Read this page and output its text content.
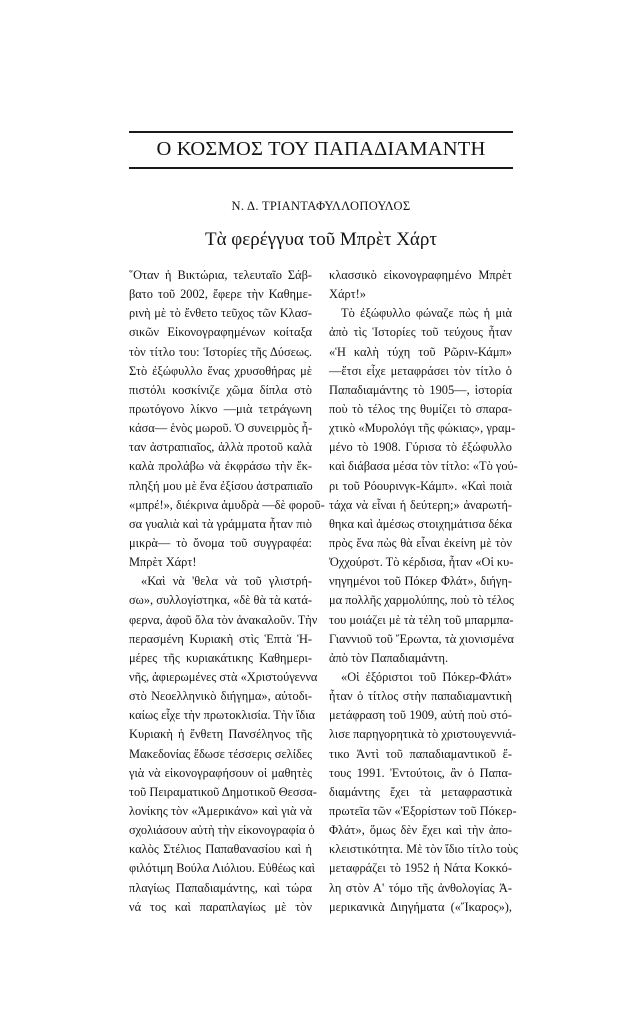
Ο ΚΟΣΜΟΣ ΤΟΥ ΠΑΠΑΔΙΑΜΑΝΤΗ
Ν. Δ. ΤΡΙΑΝΤΑΦΥΛΛΟΠΟΥΛΟΣ
Τὰ φερέγγυα τοῦ Μπρὲτ Χάρτ
῞Οταν ἡ Βικτώρια, τελευταῖο Σάβ-
βατο τοῦ 2002, ἔφερε τὴν Καθημε-
ρινὴ μὲ τὸ ἔνθετο τεῦχος τῶν Κλασ-
σικῶν Εἰκονογραφημένων κοίταξα
τὸν τίτλο του: Ἱστορίες τῆς Δύσεως.
Στὸ ἐξώφυλλο ἕνας χρυσοθήρας μὲ
πιστόλι κοσκίνιζε χῶμα δίπλα στὸ
πρωτόγονο λίκνο —μιὰ τετράγωνη
κάσα— ἑνὸς μωροῦ. Ὁ συνειρμὸς ἦ-
ταν ἀστραπιαῖος, ἀλλὰ προτοῦ καλὰ
καλὰ προλάβω νὰ ἐκφράσω τὴν ἔκ-
πληξή μου μὲ ἕνα ἐξίσου ἀστραπιαῖο
«μπρέ!», διέκρινα ἀμυδρὰ —δὲ φοροῦ-
σα γυαλιὰ καὶ τὰ γράμματα ἦταν πιὸ
μικρὰ— τὸ ὄνομα τοῦ συγγραφέα:
Μπρὲτ Χάρτ!
«Καὶ νὰ 'θελα νὰ τοῦ γλιστρή-
σω», συλλογίστηκα, «δὲ θὰ τὰ κατά-
φερνα, ἀφοῦ ὅλα τὸν ἀνακαλοῦν. Τὴν
περασμένη Κυριακὴ στὶς Ἑπτὰ Ἡ-
μέρες τῆς κυριακάτικης Καθημερι-
νῆς, ἀφιερωμένες στὰ «Χριστούγεννα
στὸ Νεοελληνικὸ διήγημα», αὐτοδι-
καίως εἶχε τὴν πρωτοκλισία. Τὴν ἴδια
Κυριακὴ ἡ ἔνθετη Πανσέληνος τῆς
Μακεδονίας ἔδωσε τέσσερις σελίδες
γιὰ νὰ εἰκονογραφήσουν οἱ μαθητὲς
τοῦ Πειραματικοῦ Δημοτικοῦ Θεσσα-
λονίκης τὸν «Ἀμερικάνο» καὶ γιὰ νὰ
σχολιάσουν αὐτὴ τὴν εἰκονογραφία ὁ
καλὸς Στέλιος Παπαθανασίου καὶ ἡ
φιλότιμη Βούλα Λιόλιου. Εὐθέως καὶ
πλαγίως Παπαδιαμάντης, καὶ τώρα
νά τος καὶ παραπλαγίως μὲ τὸν
κλασσικὸ εἰκονογραφημένο Μπρὲτ
Χάρτ!»
Τὸ ἐξώφυλλο φώναζε πὼς ἡ μιὰ
ἀπὸ τὶς Ἱστορίες τοῦ τεύχους ἦταν
«Ἡ καλὴ τύχη τοῦ Ρῶριν-Κάμπ»
—ἔτσι εἶχε μεταφράσει τὸν τίτλο ὁ
Παπαδιαμάντης τὸ 1905—, ἱστορία
ποὺ τὸ τέλος της θυμίζει τὸ σπαρα-
χτικὸ «Μυρολόγι τῆς φώκιας», γραμ-
μένο τὸ 1908. Γύρισα τὸ ἐξώφυλλο
καὶ διάβασα μέσα τὸν τίτλο: «Τὸ γού-
ρι τοῦ Ρόουρινγκ-Κάμπ». «Καὶ ποιὰ
τάχα νὰ εἶναι ἡ δεύτερη;» ἀναρωτή-
θηκα καὶ ἀμέσως στοιχημάτισα δέκα
πρὸς ἕνα πὼς θὰ εἶναι ἐκείνη μὲ τὸν
Ὀχχούρστ. Τὸ κέρδισα, ἦταν «Οἱ κυ-
νηγημένοι τοῦ Πόκερ Φλάτ», διήγη-
μα πολλῆς χαρμολύπης, ποὺ τὸ τέλος
του μοιάζει μὲ τὰ τέλη τοῦ μπαρμπα-
Γιαννιοῦ τοῦ Ἔρωντα, τὰ χιονισμένα
ἀπὸ τὸν Παπαδιαμάντη.
«Οἱ ἐξόριστοι τοῦ Πόκερ-Φλάτ»
ἦταν ὁ τίτλος στὴν παπαδιαμαντικὴ
μετάφραση τοῦ 1909, αὐτὴ ποὺ στό-
λισε παρηγορητικὰ τὸ χριστουγεννιά-
τικο Ἀντὶ τοῦ παπαδιαμαντικοῦ ἔ-
τους 1991. Ἐντούτοις, ἂν ὁ Παπα-
διαμάντης ἔχει τὰ μεταφραστικὰ
πρωτεῖα τῶν «Ἐξορίστων τοῦ Πόκερ-
Φλάτ», ὅμως δὲν ἔχει καὶ τὴν ἀπο-
κλειστικότητα. Μὲ τὸν ἴδιο τίτλο τοὺς
μεταφράζει τὸ 1952 ἡ Νάτα Κοκκό-
λη στὸν Α' τόμο τῆς ἀνθολογίας Ἀ-
μερικανικὰ Διηγήματα («Ἴκαρος»),
